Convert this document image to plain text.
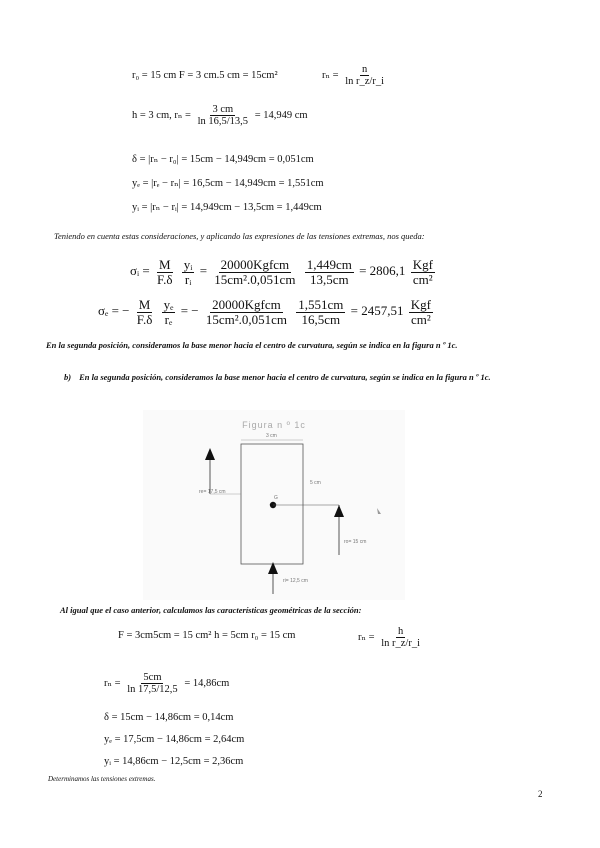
r₀ = 15 cm F = 3 cm.5 cm = 15cm²	$r_n = \frac{n}{\text{ln r\_z/r\_i}}$
h = 3 cm, $r_n = \frac{3 cm}{\ln 16,5/13,5} = 14,949$ cm
δ = |rₙ − r₀| = 15cm − 14,949cm = 0,051cm
yₑ = |rₑ − rₙ| = 16,5cm − 14,949cm = 1,551cm
yᵢ = |rₙ − rᵢ| = 14,949cm − 13,5cm = 1,449cm
Teniendo en cuenta estas consideraciones, y aplicando las expresiones de las tensiones extremas, nos queda:
σᵢ = $\frac{M}{F.\delta}$
$\frac{\text{yᵢ}}{\text{rᵢ}} = \frac{\text{20000Kgfcm}}{\text{15cm².0,051cm}}$
$\frac{1,449cm}{13,5cm} = 2806,1 \frac{\text{Kgf}}{\text{cm²}}$
σₑ = − $\frac{M}{F.\delta}$
$\frac{\text{yₑ}}{\text{rₑ}}$ = − $\frac{\text{20000Kgfcm}}{\text{15cm².0,051cm}}$
$\frac{1,551cm}{16,5cm} = 2457,51 \frac{\text{Kgf}}{\text{cm²}}$
En la segunda posición, consideramos la base menor hacia el centro de curvatura, según se indica en la figura n º 1c.
b) En la segunda posición, consideramos la base menor hacia el centro de curvatura, según se indica en la figura n º 1c.
Figura n º 1c
3 cm
5 cm
re= 17,5 cm
G
ro= 15 cm
ri= 12,5 cm
Al igual que el caso anterior, calculamos las características geométricas de la sección:
F = 3cm5cm = 15 cm² h = 5cm r₀ = 15 cm	$r_n = \frac{h}{\text{ln r\_z/r\_i}}$
$r_n = \frac{5cm}{\ln 17,5/12,5} = 14,86cm$
δ = 15cm − 14,86cm = 0,14cm
yₑ = 17,5cm − 14,86cm = 2,64cm
yᵢ = 14,86cm − 12,5cm = 2,36cm
Determinamos las tensiones extremas.
2
